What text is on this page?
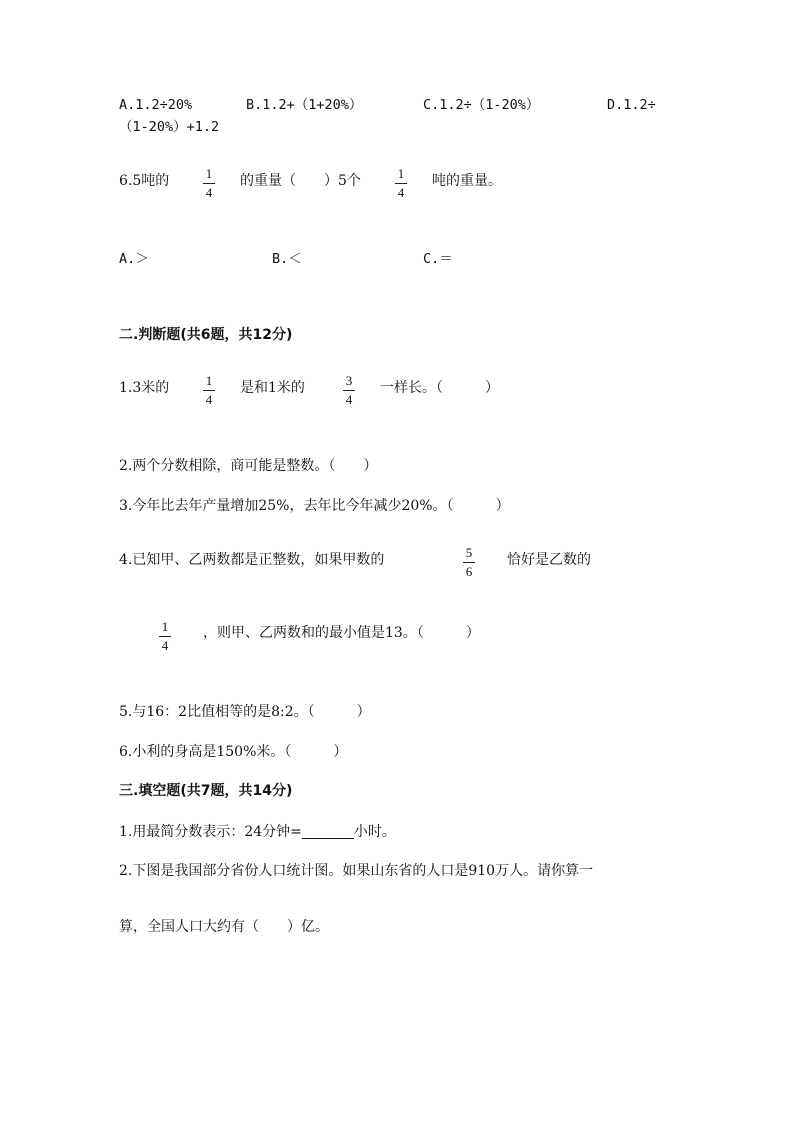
A.1.2÷20%	B.1.2+（1+20%）	C.1.2÷（1-20%）	D.1.2÷
（1-20%）+1.2
6.5吨的	1
4
的重量（　　）5个	1
4
吨的重量。
A.＞	B.＜	C.＝
二.判断题(共6题，共12分)
1.3米的	1
4
是和1米的	3
4
一样长。（　　　）
2.两个分数相除，商可能是整数。（　　）
3.今年比去年产量增加25%，去年比今年减少20%。（　　　）
4.已知甲、乙两数都是正整数，如果甲数的	5
6
恰好是乙数的
1
4
，则甲、乙两数和的最小值是13。（　　　）
5.与16：2比值相等的是8:2。（　　　）
6.小利的身高是150%米。（　　　）
三.填空题(共7题，共14分)
1.用最简分数表示：24分钟=	小时。
2.下图是我国部分省份人口统计图。如果山东省的人口是910万人。请你算一
算，全国人口大约有（　　）亿。
